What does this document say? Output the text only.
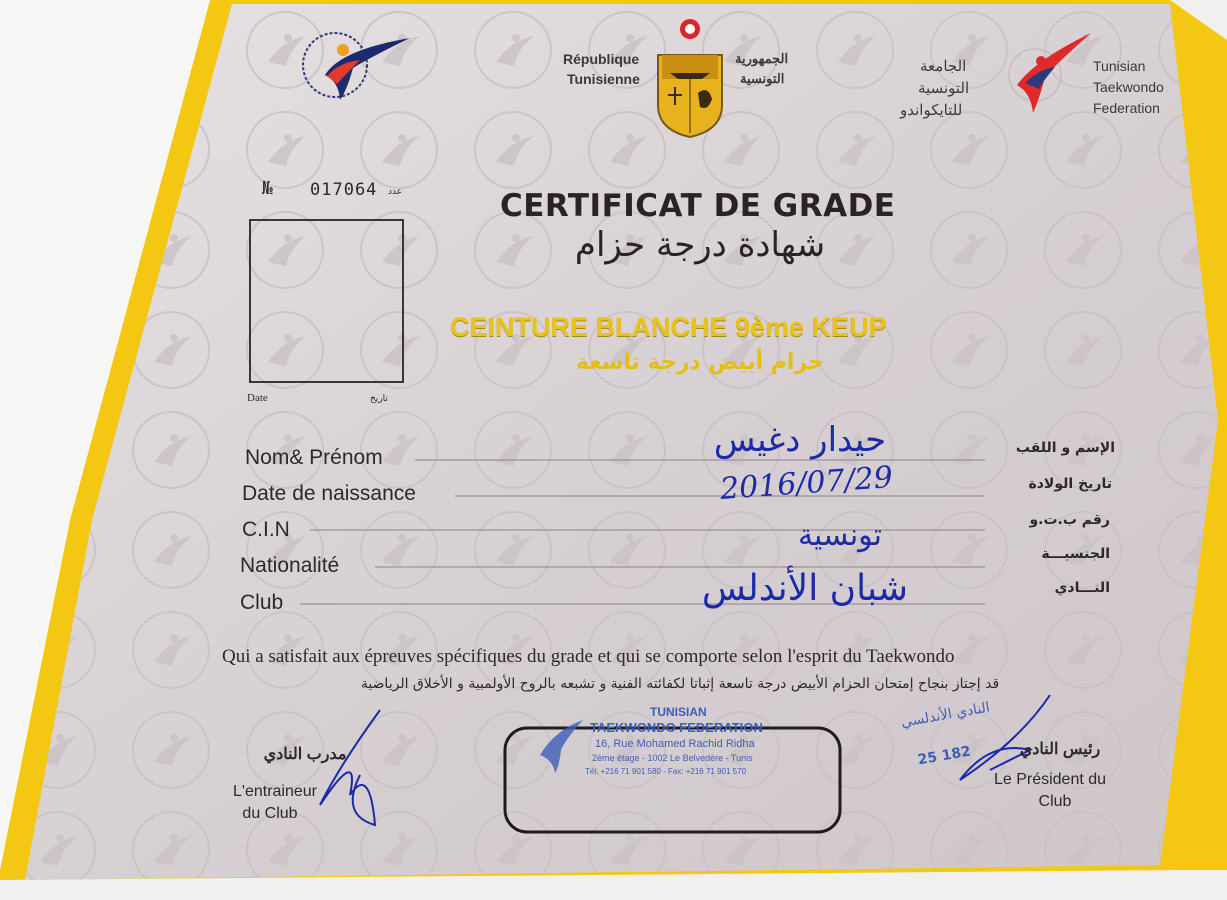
République
Tunisienne
الجمهورية
التونسية
الجامعة
التونسية
للتايكواندو
Tunisian
Taekwondo
Federation
№ 017064 عدد
Date	تاريخ
CERTIFICAT DE GRADE
شهادة درجة حزام
CEINTURE BLANCHE 9ème KEUP
حزام أبيض درجة تاسعة
Nom& Prénom
Date de naissance
C.I.N
Nationalité
Club
الإسم و اللقب
تاريخ الولادة
رقم ب.ت.و
الجنسيـــة
النـــادي
حيدار دغيس
2016/07/29
تونسية
شبان الأندلس
Qui a satisfait aux épreuves spécifiques du grade et qui se comporte selon l'esprit du Taekwondo
قد إجتاز بنجاح إمتحان الحزام الأبيض درجة تاسعة إثباتا لكفائته الفنية و تشبعه بالروح الأولمبية و الأخلاق الرياضية
مدرب النادي
L'entraineur
du Club
TUNISIAN
TAEKWONDO FEDERATION
16, Rue Mohamed Rachid Ridha
2ème étage - 1002 Le Belvedère - Tunis
Tél: +216 71 901 580 - Fax: +216 71 901 570
النادي الأندلسي
25 182	رئيس النادي
Le Président du
Club
